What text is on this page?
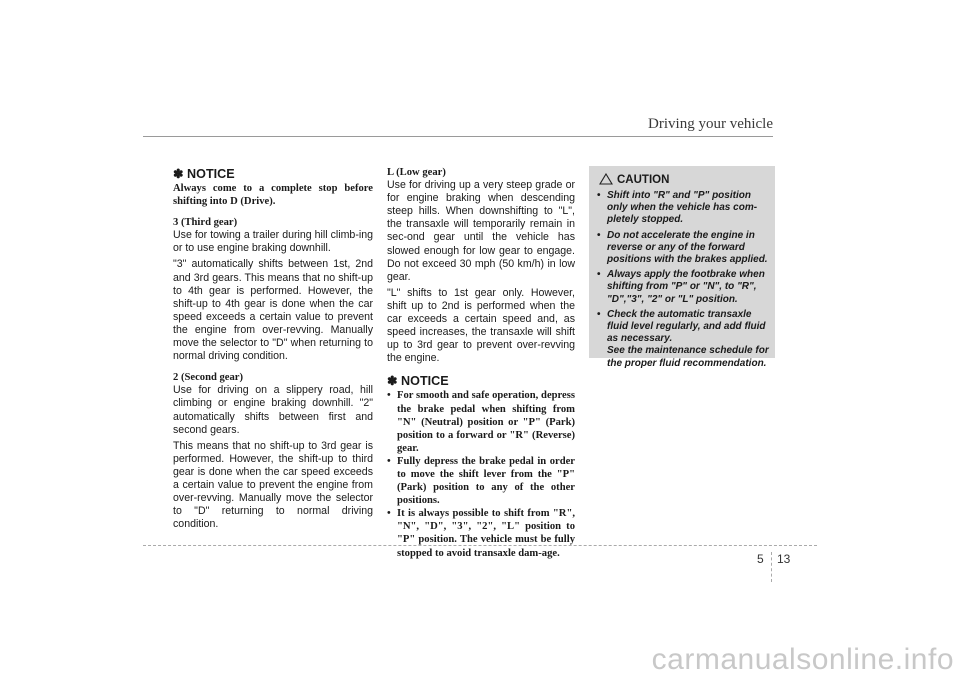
Driving your vehicle
✽ NOTICE

Always come to a complete stop before shifting into D (Drive).

3 (Third gear)

Use for towing a trailer during hill climb-ing or to use engine braking downhill.

"3" automatically shifts between 1st, 2nd and 3rd gears. This means that no shift-up to 4th gear is performed. However, the shift-up to 4th gear is done when the car speed exceeds a certain value to prevent the engine from over-revving. Manually move the selector to "D" when returning to normal driving condition.

2 (Second gear)

Use for driving on a slippery road, hill climbing or engine braking downhill. "2" automatically shifts between first and second gears.

This means that no shift-up to 3rd gear is performed. However, the shift-up to third gear is done when the car speed exceeds a certain value to prevent the engine from over-revving. Manually move the selector to "D" returning to normal driving condition.

L (Low gear)

Use for driving up a very steep grade or for engine braking when descending steep hills. When downshifting to "L", the transaxle will temporarily remain in sec-ond gear until the vehicle has slowed enough for low gear to engage. Do not exceed 30 mph (50 km/h) in low gear.

"L" shifts to 1st gear only. However, shift up to 2nd is performed when the car exceeds a certain speed and, as speed increases, the transaxle will shift up to 3rd gear to prevent over-revving the engine.

✽ NOTICE
• For smooth and safe operation, depress the brake pedal when shifting from "N" (Neutral) position or "P" (Park) position to a forward or "R" (Reverse) gear.
• Fully depress the brake pedal in order to move the shift lever from the "P" (Park) position to any of the other positions.
• It is always possible to shift from "R", "N", "D", "3", "2", "L" position to "P" position. The vehicle must be fully stopped to avoid transaxle dam-age.
CAUTION
• Shift into "R" and "P" position only when the vehicle has com-pletely stopped.
• Do not accelerate the engine in reverse or any of the forward positions with the brakes applied.
• Always apply the footbrake when shifting from "P" or "N", to "R", "D","3", "2" or "L" position.
• Check the automatic transaxle fluid level regularly, and add fluid as necessary.
See the maintenance schedule for the proper fluid recommendation.
5 13
carmanualsonline.info
